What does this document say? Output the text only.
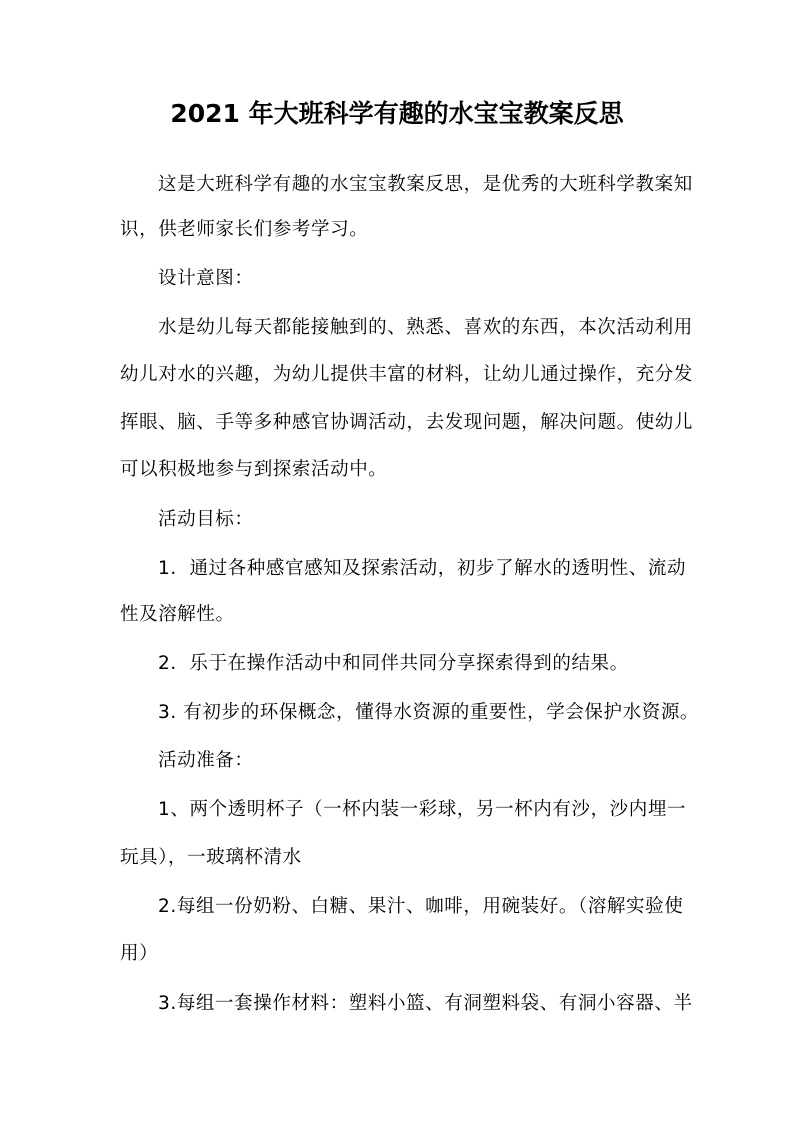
2021 年大班科学有趣的水宝宝教案反思
这是大班科学有趣的水宝宝教案反思，是优秀的大班科学教案知
识，供老师家长们参考学习。
设计意图：
水是幼儿每天都能接触到的、熟悉、喜欢的东西，本次活动利用
幼儿对水的兴趣，为幼儿提供丰富的材料，让幼儿通过操作，充分发
挥眼、脑、手等多种感官协调活动，去发现问题，解决问题。使幼儿
可以积极地参与到探索活动中。
活动目标：
1．通过各种感官感知及探索活动，初步了解水的透明性、流动
性及溶解性。
2．乐于在操作活动中和同伴共同分享探索得到的结果。
3. 有初步的环保概念，懂得水资源的重要性，学会保护水资源。
活动准备：
1、两个透明杯子（一杯内装一彩球，另一杯内有沙，沙内埋一
玩具），一玻璃杯清水
2.每组一份奶粉、白糖、果汁、咖啡，用碗装好。（溶解实验使
用）
3.每组一套操作材料：塑料小篮、有洞塑料袋、有洞小容器、半
